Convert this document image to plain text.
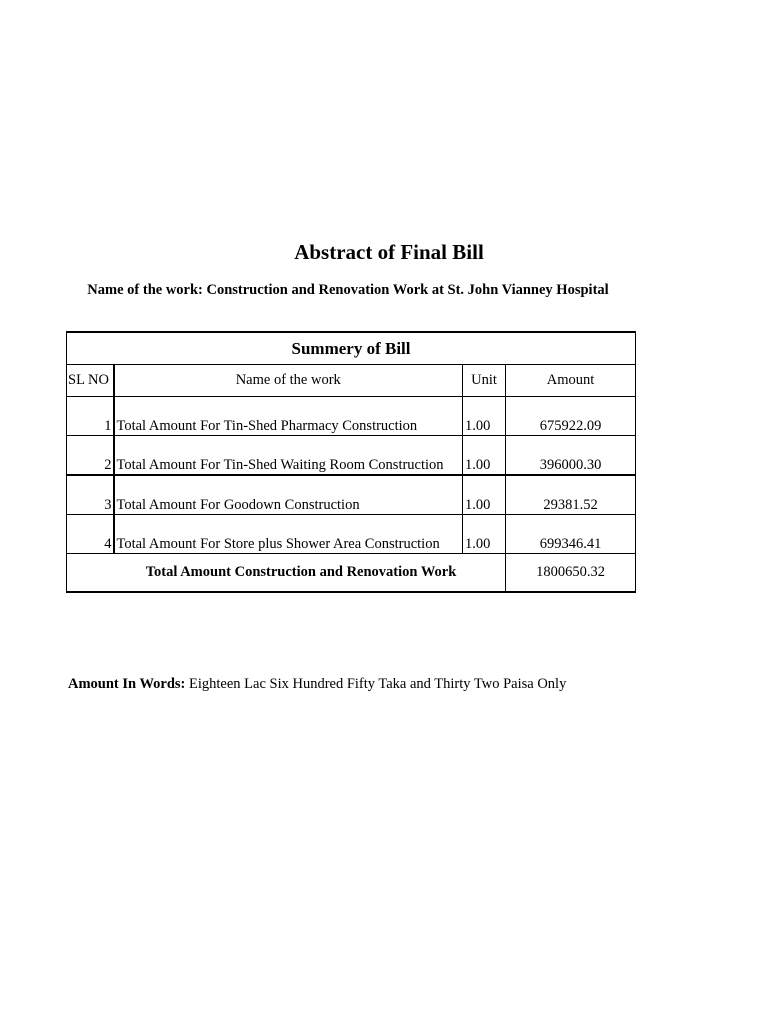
Abstract of Final Bill
Name of the work: Construction and Renovation Work at St. John Vianney Hospital
Summery of Bill			
SL NO	Name of the work	Unit	Amount
1	Total Amount For Tin-Shed Pharmacy Construction	1.00	675922.09
2	Total Amount For Tin-Shed Waiting Room Construction	1.00	396000.30
3	Total Amount For Goodown Construction	1.00	29381.52
4	Total Amount For Store plus Shower Area Construction	1.00	699346.41
Total Amount Construction and Renovation Work			1800650.32
Amount In Words: Eighteen Lac Six Hundred Fifty Taka and Thirty Two Paisa Only
